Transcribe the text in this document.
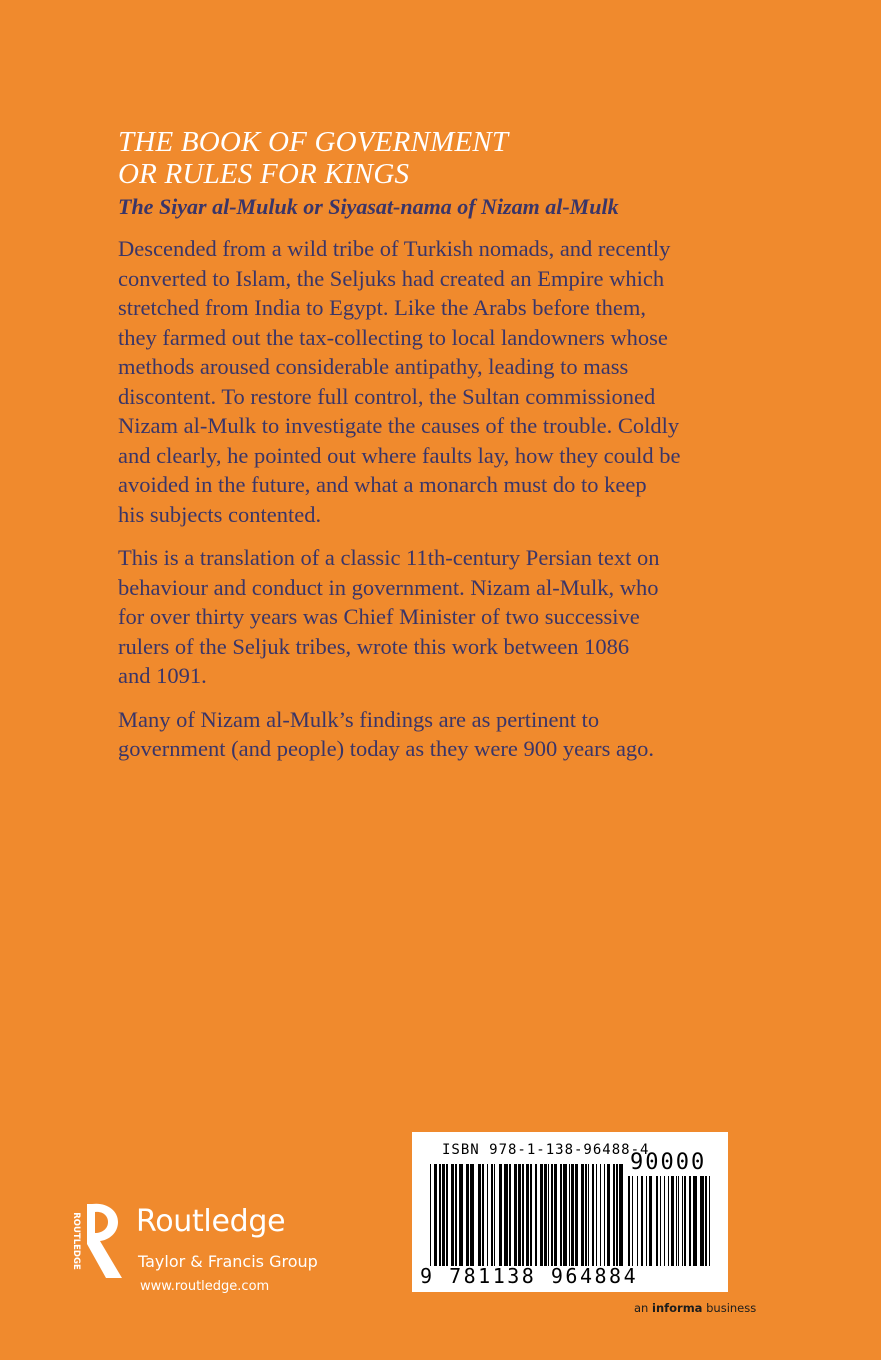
THE BOOK OF GOVERNMENT
OR RULES FOR KINGS
The Siyar al-Muluk or Siyasat-nama of Nizam al-Mulk

Descended from a wild tribe of Turkish nomads, and recently
converted to Islam, the Seljuks had created an Empire which
stretched from India to Egypt. Like the Arabs before them,
they farmed out the tax-collecting to local landowners whose
methods aroused considerable antipathy, leading to mass
discontent. To restore full control, the Sultan commissioned
Nizam al-Mulk to investigate the causes of the trouble. Coldly
and clearly, he pointed out where faults lay, how they could be
avoided in the future, and what a monarch must do to keep
his subjects contented.

This is a translation of a classic 11th-century Persian text on
behaviour and conduct in government. Nizam al-Mulk, who
for over thirty years was Chief Minister of two successive
rulers of the Seljuk tribes, wrote this work between 1086
and 1091.

Many of Nizam al-Mulk’s findings are as pertinent to
government (and people) today as they were 900 years ago.

ISBN 978-1-138-96488-4
90000
9 781138 964884
ROUTLEDGE Routledge
Taylor & Francis Group
www.routledge.com
an informa business
